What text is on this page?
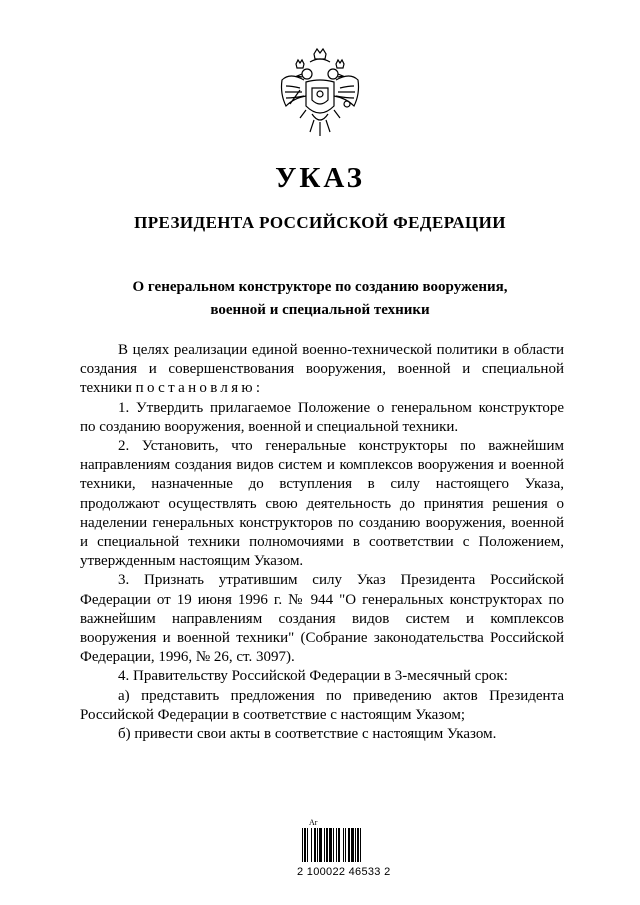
УКАЗ
ПРЕЗИДЕНТА РОССИЙСКОЙ ФЕДЕРАЦИИ
О генеральном конструкторе по созданию вооружения,
военной и специальной техники

В целях реализации единой военно-технической политики в области создания и совершенствования вооружения, военной и специальной техники постановляю:

1. Утвердить прилагаемое Положение о генеральном конструкторе по созданию вооружения, военной и специальной техники.

2. Установить, что генеральные конструкторы по важнейшим направлениям создания видов систем и комплексов вооружения и военной техники, назначенные до вступления в силу настоящего Указа, продолжают осуществлять свою деятельность до принятия решения о наделении генеральных конструкторов по созданию вооружения, военной и специальной техники полномочиями в соответствии с Положением, утвержденным настоящим Указом.

3. Признать утратившим силу Указ Президента Российской Федерации от 19 июня 1996 г. № 944 "О генеральных конструкторах по важнейшим направлениям создания видов систем и комплексов вооружения и военной техники" (Собрание законодательства Российской Федерации, 1996, № 26, ст. 3097).

4. Правительству Российской Федерации в 3-месячный срок:

а) представить предложения по приведению актов Президента Российской Федерации в соответствие с настоящим Указом;

б) привести свои акты в соответствие с настоящим Указом.

Ar
2 100022 46533 2
